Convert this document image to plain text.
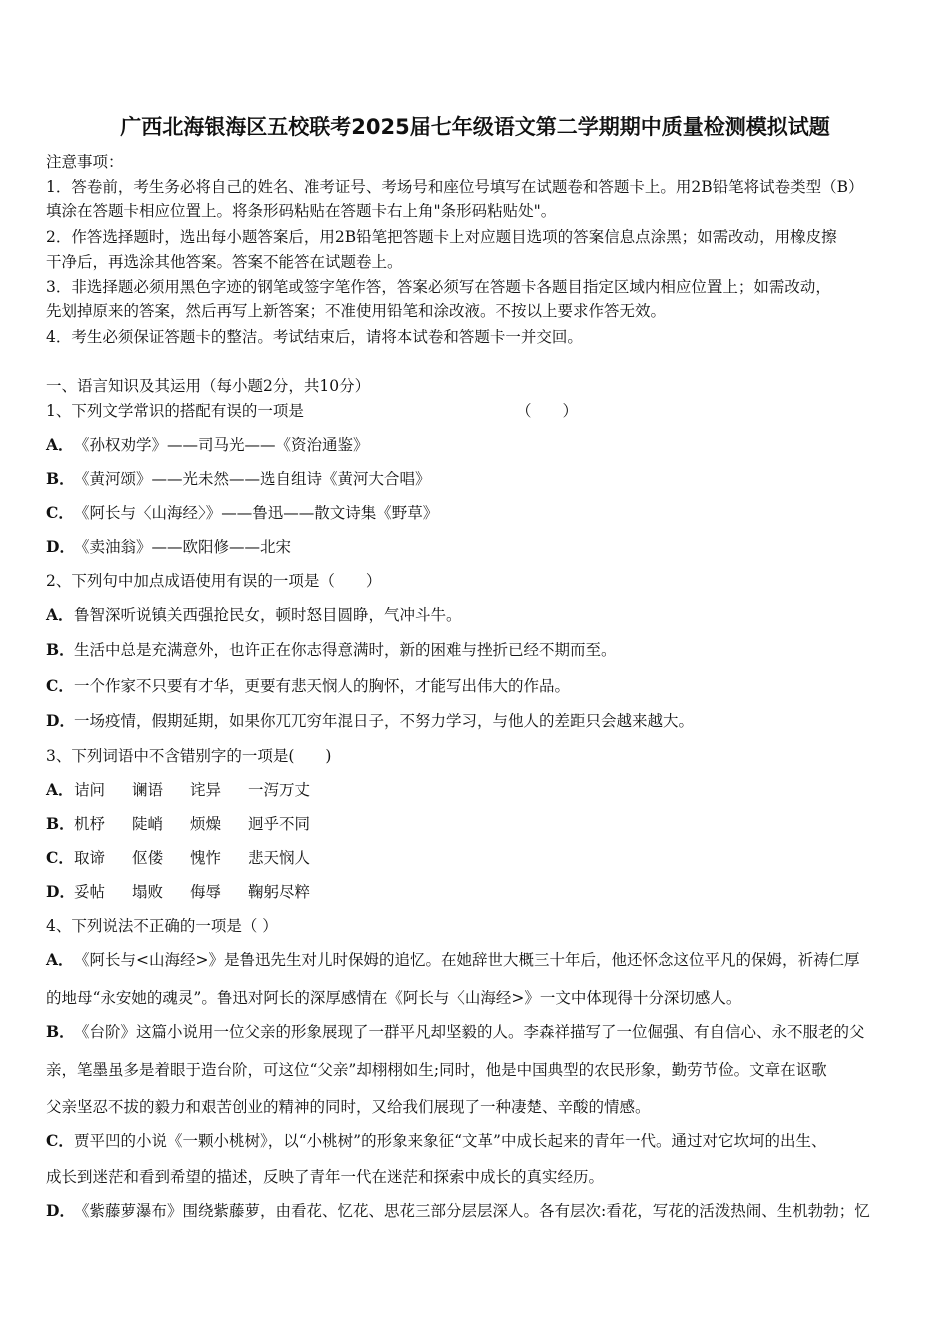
广西北海银海区五校联考2025届七年级语文第二学期期中质量检测模拟试题
注意事项：
1．答卷前，考生务必将自己的姓名、准考证号、考场号和座位号填写在试题卷和答题卡上。用2B铅笔将试卷类型（B）
填涂在答题卡相应位置上。将条形码粘贴在答题卡右上角"条形码粘贴处"。
2．作答选择题时，选出每小题答案后，用2B铅笔把答题卡上对应题目选项的答案信息点涂黑；如需改动，用橡皮擦
干净后，再选涂其他答案。答案不能答在试题卷上。
3．非选择题必须用黑色字迹的钢笔或签字笔作答，答案必须写在答题卡各题目指定区域内相应位置上；如需改动，
先划掉原来的答案，然后再写上新答案；不准使用铅笔和涂改液。不按以上要求作答无效。
4．考生必须保证答题卡的整洁。考试结束后，请将本试卷和答题卡一并交回。
一、语言知识及其运用（每小题2分，共10分）
1、下列文学常识的搭配有误的一项是	（　　）
A．《孙权劝学》——司马光——《资治通鉴》
B．《黄河颂》——光未然——选自组诗《黄河大合唱》
C．《阿长与〈山海经〉》——鲁迅——散文诗集《野草》
D．《卖油翁》——欧阳修——北宋
2、下列句中加点成语使用有误的一项是（　　）
A．鲁智深听说镇关西强抢民女，顿时怒目圆睁，气冲斗牛。
B．生活中总是充满意外，也许正在你志得意满时，新的困难与挫折已经不期而至。
C．一个作家不只要有才华，更要有悲天悯人的胸怀，才能写出伟大的作品。
D．一场疫情，假期延期，如果你兀兀穷年混日子，不努力学习，与他人的差距只会越来越大。
3、下列词语中不含错别字的一项是(　　)
A．诘问 谰语 诧异 一泻万丈
B．机杼 陡峭 烦燥 迥乎不同
C．取谛 伛偻 愧怍 悲天悯人
D．妥帖 塌败 侮辱 鞠躬尽粹
4、下列说法不正确的一项是（ ）
A．《阿长与<山海经>》是鲁迅先生对儿时保姆的追忆。在她辞世大概三十年后，他还怀念这位平凡的保姆，祈祷仁厚
的地母“永安她的魂灵”。鲁迅对阿长的深厚感情在《阿长与〈山海经>》一文中体现得十分深切感人。
B．《台阶》这篇小说用一位父亲的形象展现了一群平凡却坚毅的人。李森祥描写了一位倔强、有自信心、永不服老的父
亲，笔墨虽多是着眼于造台阶，可这位“父亲”却栩栩如生;同时，他是中国典型的农民形象，勤劳节俭。文章在讴歌
父亲坚忍不拔的毅力和艰苦创业的精神的同时，又给我们展现了一种凄楚、辛酸的情感。
C．贾平凹的小说《一颗小桃树》，以“小桃树”的形象来象征“文革”中成长起来的青年一代。通过对它坎坷的出生、
成长到迷茫和看到希望的描述，反映了青年一代在迷茫和探索中成长的真实经历。
D．《紫藤萝瀑布》围绕紫藤萝，由看花、忆花、思花三部分层层深人。各有层次:看花，写花的活泼热闹、生机勃勃；忆
